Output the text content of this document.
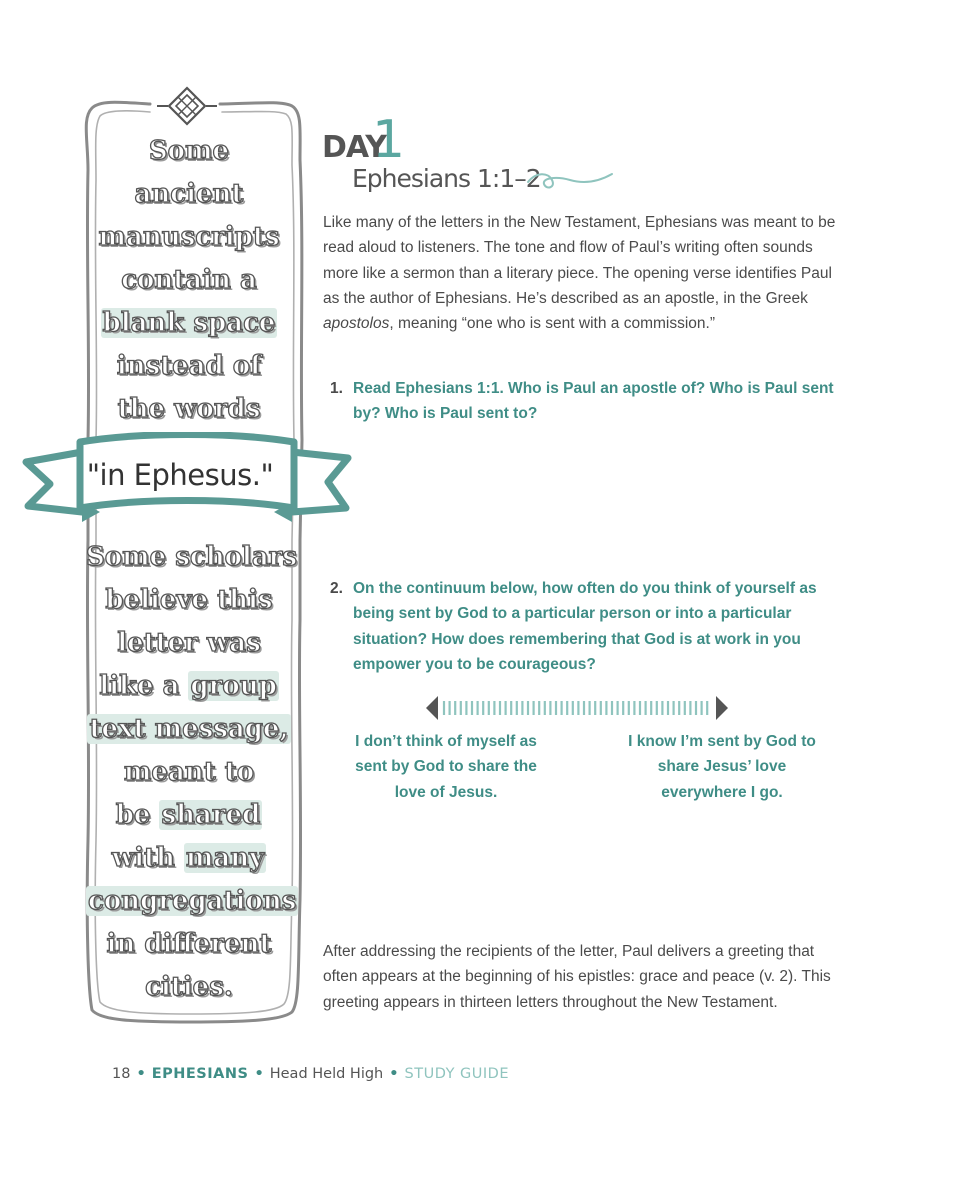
Some
ancient
manuscripts
contain a
blank space
instead of
the words
"in Ephesus."
Some scholars
believe this
letter was
like a group
text message,
meant to
be shared
with many
congregations
in different
cities.
DAY
1
Ephesians 1:1–2
Like many of the letters in the New Testament, Ephesians was meant to be read aloud to listeners. The tone and flow of Paul’s writing often sounds more like a sermon than a literary piece. The opening verse identifies Paul as the author of Ephesians. He’s described as an apostle, in the Greek apostolos, meaning “one who is sent with a commission.”
1. Read Ephesians 1:1. Who is Paul an apostle of? Who is Paul sent by? Who is Paul sent to?
2. On the continuum below, how often do you think of yourself as being sent by God to a particular person or into a particular situation? How does remembering that God is at work in you empower you to be courageous?
I don’t think of myself as sent by God to share the love of Jesus.
I know I’m sent by God to share Jesus’ love everywhere I go.
After addressing the recipients of the letter, Paul delivers a greeting that often appears at the beginning of his epistles: grace and peace (v. 2). This greeting appears in thirteen letters throughout the New Testament.
18 • EPHESIANS • Head Held High • STUDY GUIDE
